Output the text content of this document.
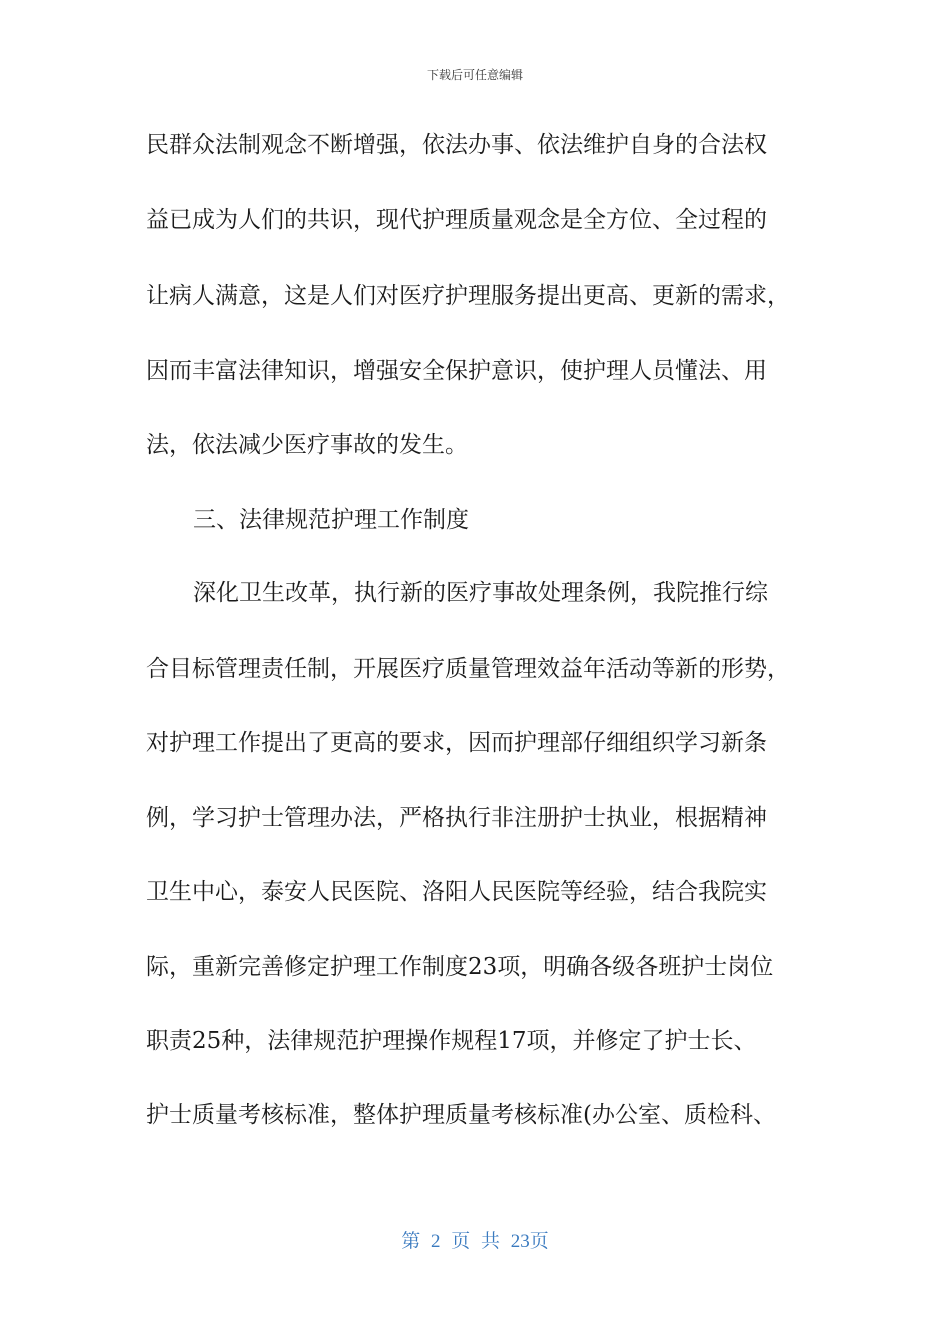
下载后可任意编辑
民群众法制观念不断增强，依法办事、依法维护自身的合法权
益已成为人们的共识，现代护理质量观念是全方位、全过程的
让病人满意，这是人们对医疗护理服务提出更高、更新的需求，
因而丰富法律知识，增强安全保护意识，使护理人员懂法、用
法，依法减少医疗事故的发生。
三、法律规范护理工作制度
深化卫生改革，执行新的医疗事故处理条例，我院推行综
合目标管理责任制，开展医疗质量管理效益年活动等新的形势，
对护理工作提出了更高的要求，因而护理部仔细组织学习新条
例，学习护士管理办法，严格执行非注册护士执业，根据精神
卫生中心，泰安人民医院、洛阳人民医院等经验，结合我院实
际，重新完善修定护理工作制度23项，明确各级各班护士岗位
职责25种，法律规范护理操作规程17项，并修定了护士长、
护士质量考核标准，整体护理质量考核标准(办公室、质检科、
第 2 页 共 23页
